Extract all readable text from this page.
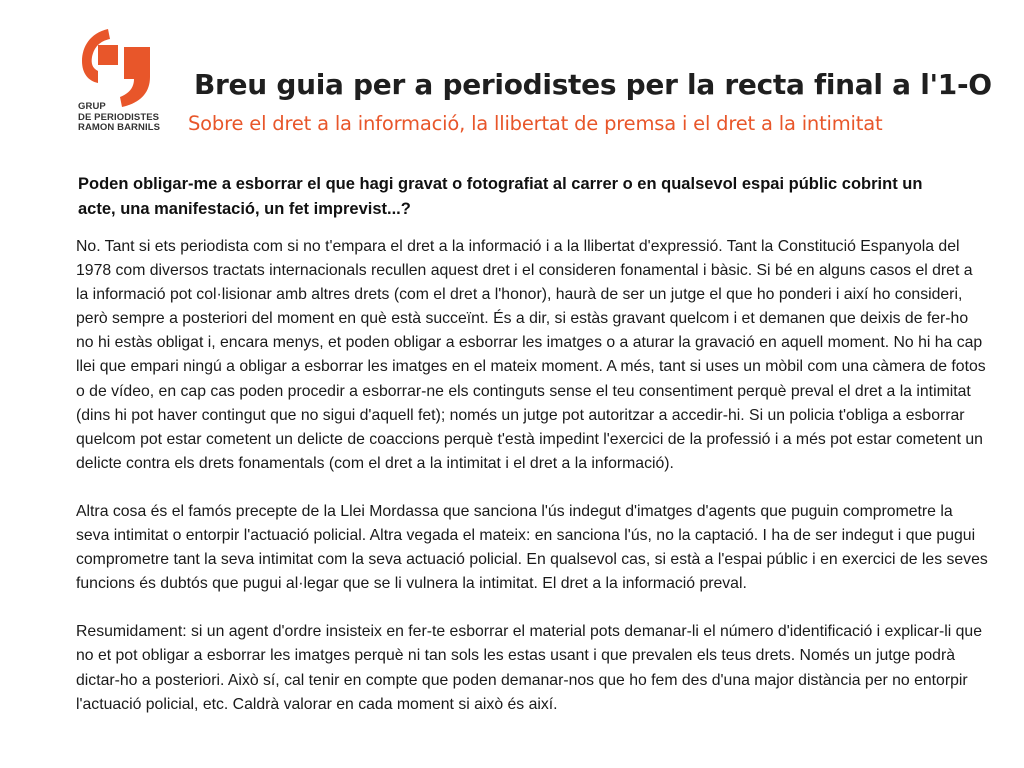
GRUP
DE PERIODISTES
RAMON BARNILS
Breu guia per a periodistes per la recta final a l'1-O
Sobre el dret a la informació, la llibertat de premsa i el dret a la intimitat
Poden obligar-me a esborrar el que hagi gravat o fotografiat al carrer o en qualsevol espai públic cobrint un acte, una manifestació, un fet imprevist...?

No. Tant si ets periodista com si no t'empara el dret a la informació i a la llibertat d'expressió. Tant la Constitució Espanyola del 1978 com diversos tractats internacionals recullen aquest dret i el consideren fonamental i bàsic. Si bé en alguns casos el dret a la informació pot col·lisionar amb altres drets (com el dret a l'honor), haurà de ser un jutge el que ho ponderi i així ho consideri, però sempre a posteriori del moment en què està succeïnt. És a dir, si estàs gravant quelcom i et demanen que deixis de fer-ho no hi estàs obligat i, encara menys, et poden obligar a esborrar les imatges o a aturar la gravació en aquell moment. No hi ha cap llei que empari ningú a obligar a esborrar les imatges en el mateix moment. A més, tant si uses un mòbil com una càmera de fotos o de vídeo, en cap cas poden procedir a esborrar-ne els continguts sense el teu consentiment perquè preval el dret a la intimitat (dins hi pot haver contingut que no sigui d'aquell fet); només un jutge pot autoritzar a accedir-hi. Si un policia t'obliga a esborrar quelcom pot estar cometent un delicte de coaccions perquè t'està impedint l'exercici de la professió i a més pot estar cometent un delicte contra els drets fonamentals (com el dret a la intimitat i el dret a la informació).

Altra cosa és el famós precepte de la Llei Mordassa que sanciona l'ús indegut d'imatges d'agents que puguin comprometre la seva intimitat o entorpir l'actuació policial. Altra vegada el mateix: en sanciona l'ús, no la captació. I ha de ser indegut i que pugui comprometre tant la seva intimitat com la seva actuació policial. En qualsevol cas, si està a l'espai públic i en exercici de les seves funcions és dubtós que pugui al·legar que se li vulnera la intimitat. El dret a la informació preval.

Resumidament: si un agent d'ordre insisteix en fer-te esborrar el material pots demanar-li el número d'identificació i explicar-li que no et pot obligar a esborrar les imatges perquè ni tan sols les estas usant i que prevalen els teus drets. Només un jutge podrà dictar-ho a posteriori. Això sí, cal tenir en compte que poden demanar-nos que ho fem des d'una major distància per no entorpir l'actuació policial, etc. Caldrà valorar en cada moment si això és així.
